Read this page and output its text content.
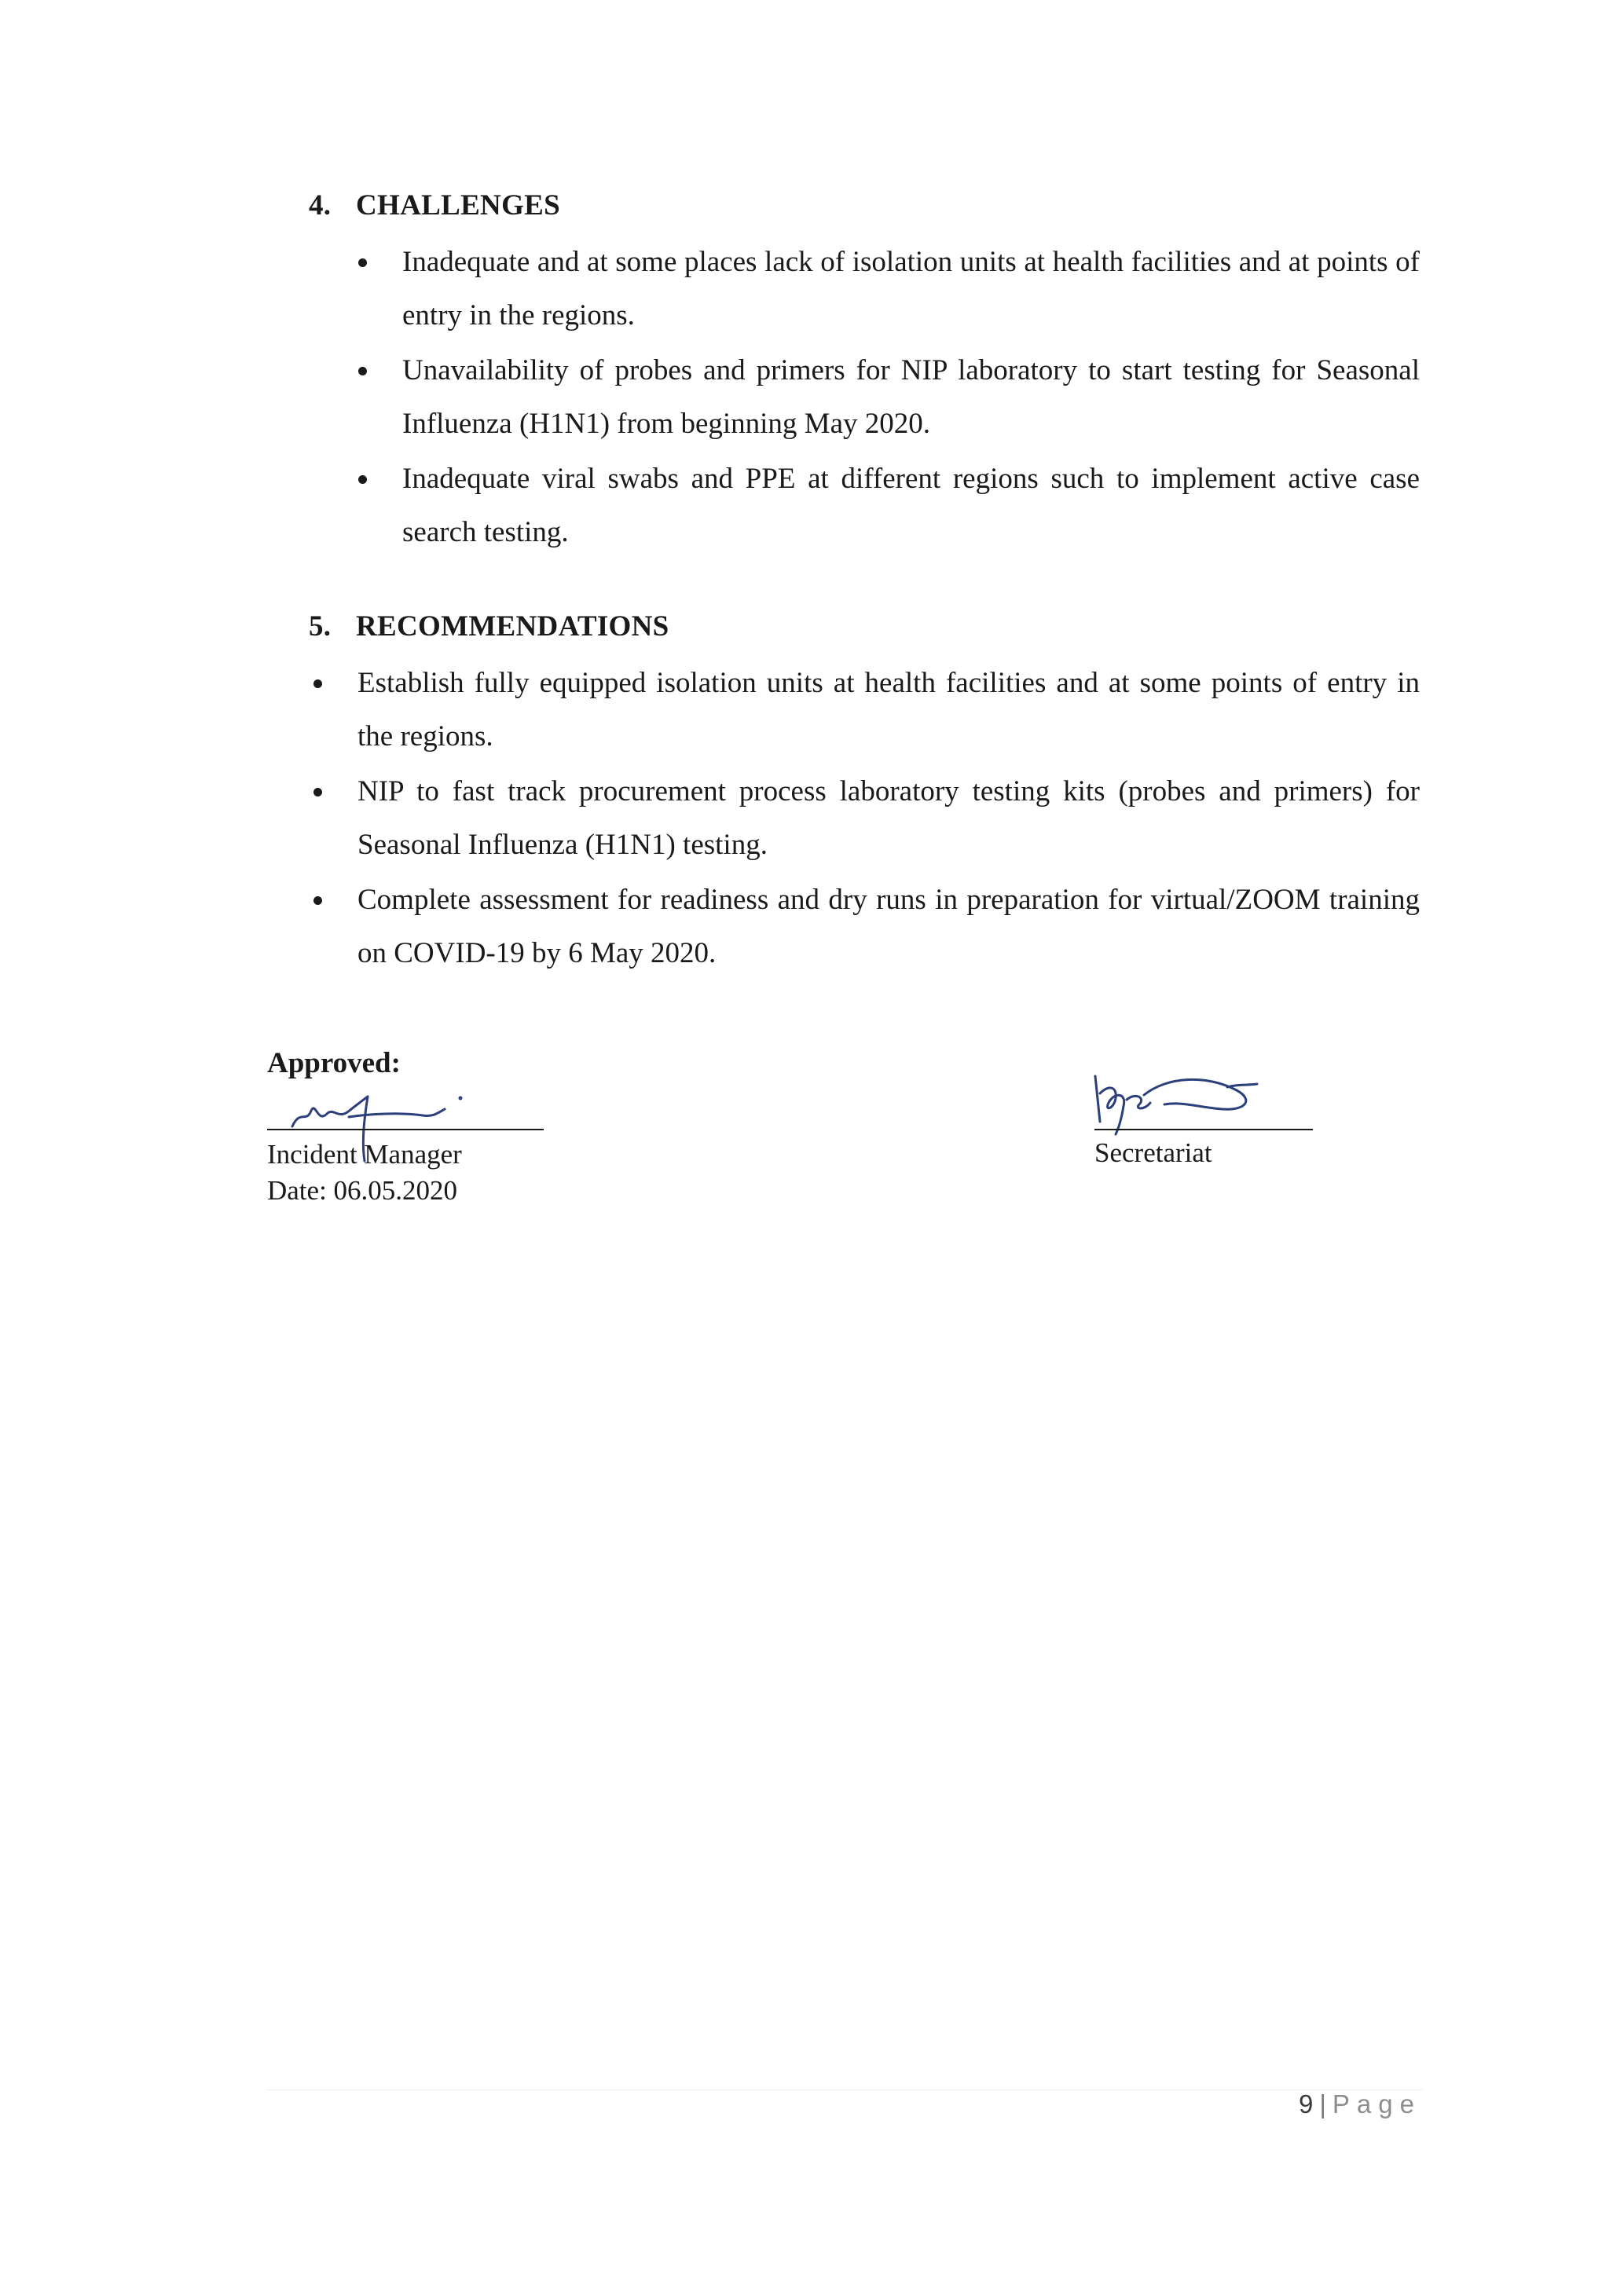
4. CHALLENGES
Inadequate and at some places lack of isolation units at health facilities and at points of entry in the regions.
Unavailability of probes and primers for NIP laboratory to start testing for Seasonal Influenza (H1N1) from beginning May 2020.
Inadequate viral swabs and PPE at different regions such to implement active case search testing.
5. RECOMMENDATIONS
Establish fully equipped isolation units at health facilities and at some points of entry in the regions.
NIP to fast track procurement process laboratory testing kits (probes and primers) for Seasonal Influenza (H1N1) testing.
Complete assessment for readiness and dry runs in preparation for virtual/ZOOM training on COVID-19 by 6 May 2020.
Approved:
Incident Manager
Date: 06.05.2020
Secretariat
9 | Page
